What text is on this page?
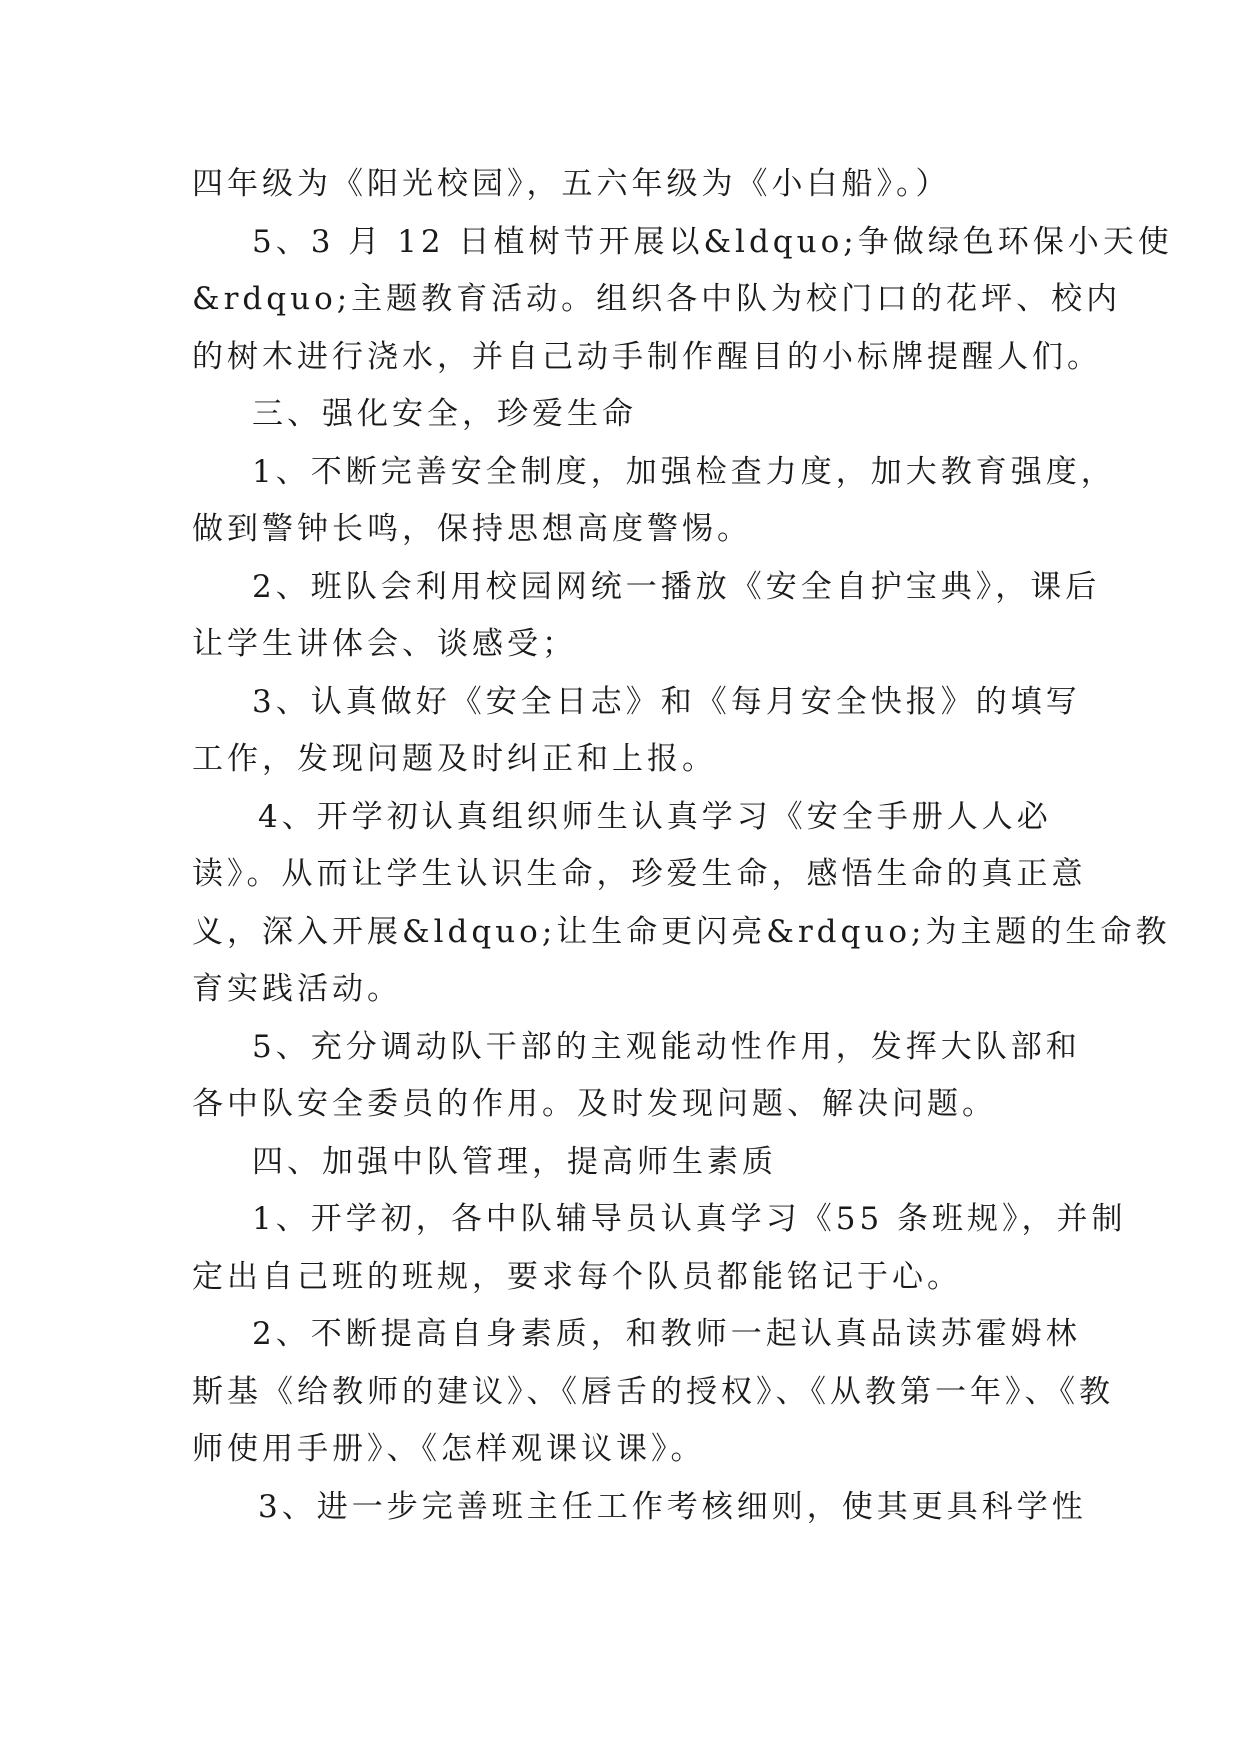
四年级为《阳光校园》，五六年级为《小白船》。）
5、3 月 12 日植树节开展以&ldquo;争做绿色环保小天使
&rdquo;主题教育活动。组织各中队为校门口的花坪、校内
的树木进行浇水，并自己动手制作醒目的小标牌提醒人们。
三、强化安全，珍爱生命
1、不断完善安全制度，加强检查力度，加大教育强度，
做到警钟长鸣，保持思想高度警惕。
2、班队会利用校园网统一播放《安全自护宝典》，课后
让学生讲体会、谈感受；
3、认真做好《安全日志》和《每月安全快报》的填写
工作，发现问题及时纠正和上报。
4、开学初认真组织师生认真学习《安全手册人人必
读》。从而让学生认识生命，珍爱生命，感悟生命的真正意
义，深入开展&ldquo;让生命更闪亮&rdquo;为主题的生命教
育实践活动。
5、充分调动队干部的主观能动性作用，发挥大队部和
各中队安全委员的作用。及时发现问题、解决问题。
四、加强中队管理，提高师生素质
1、开学初，各中队辅导员认真学习《55 条班规》，并制
定出自己班的班规，要求每个队员都能铭记于心。
2、不断提高自身素质，和教师一起认真品读苏霍姆林
斯基《给教师的建议》、《唇舌的授权》、《从教第一年》、《教
师使用手册》、《怎样观课议课》。
3、进一步完善班主任工作考核细则，使其更具科学性
